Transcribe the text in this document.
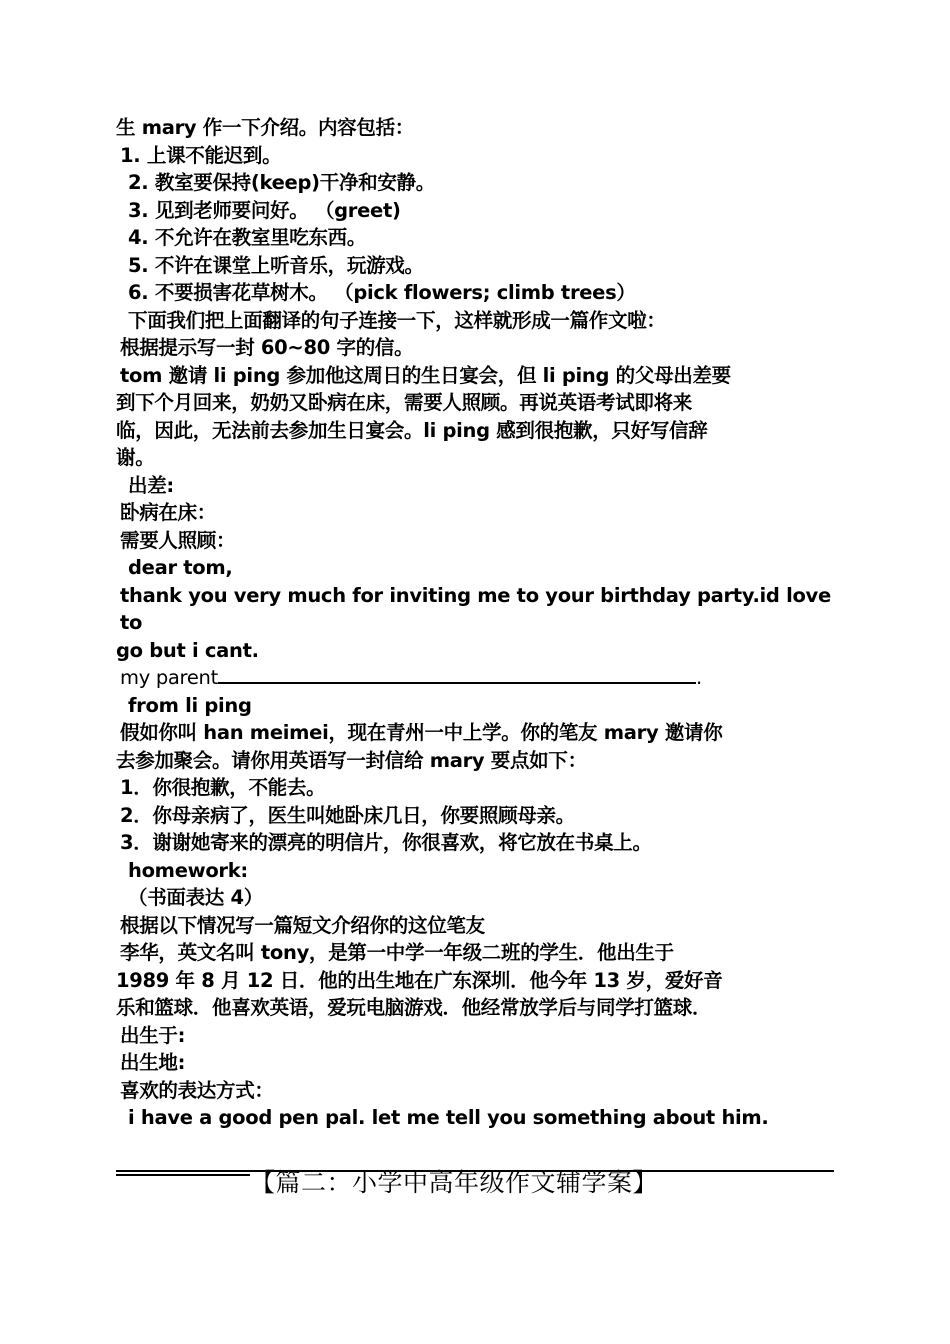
生 mary 作一下介绍。内容包括：
1. 上课不能迟到。
2. 教室要保持(keep)干净和安静。
3. 见到老师要问好。 （greet)
4. 不允许在教室里吃东西。
5. 不许在课堂上听音乐，玩游戏。
6. 不要损害花草树木。 （pick flowers; climb trees）
下面我们把上面翻译的句子连接一下，这样就形成一篇作文啦：
根据提示写一封 60~80 字的信。
tom 邀请 li ping 参加他这周日的生日宴会，但 li ping 的父母出差要
到下个月回来，奶奶又卧病在床，需要人照顾。再说英语考试即将来
临，因此，无法前去参加生日宴会。li ping 感到很抱歉，只好写信辞
谢。
出差:
卧病在床：
需要人照顾：
dear tom,
thank you very much for inviting me to your birthday party.id love to
go but i cant.
my parent	.
from li ping
假如你叫 han meimei，现在青州一中上学。你的笔友 mary 邀请你
去参加聚会。请你用英语写一封信给 mary 要点如下：
1．你很抱歉，不能去。
2．你母亲病了，医生叫她卧床几日，你要照顾母亲。
3．谢谢她寄来的漂亮的明信片，你很喜欢，将它放在书桌上。
homework:
（书面表达 4）
根据以下情况写一篇短文介绍你的这位笔友
李华，英文名叫 tony，是第一中学一年级二班的学生．他出生于
1989 年 8 月 12 日．他的出生地在广东深圳．他今年 13 岁，爱好音
乐和篮球．他喜欢英语，爱玩电脑游戏．他经常放学后与同学打篮球．
出生于:
出生地:
喜欢的表达方式：
i have a good pen pal. let me tell you something about him.
【篇二：小学中高年级作文辅学案】
